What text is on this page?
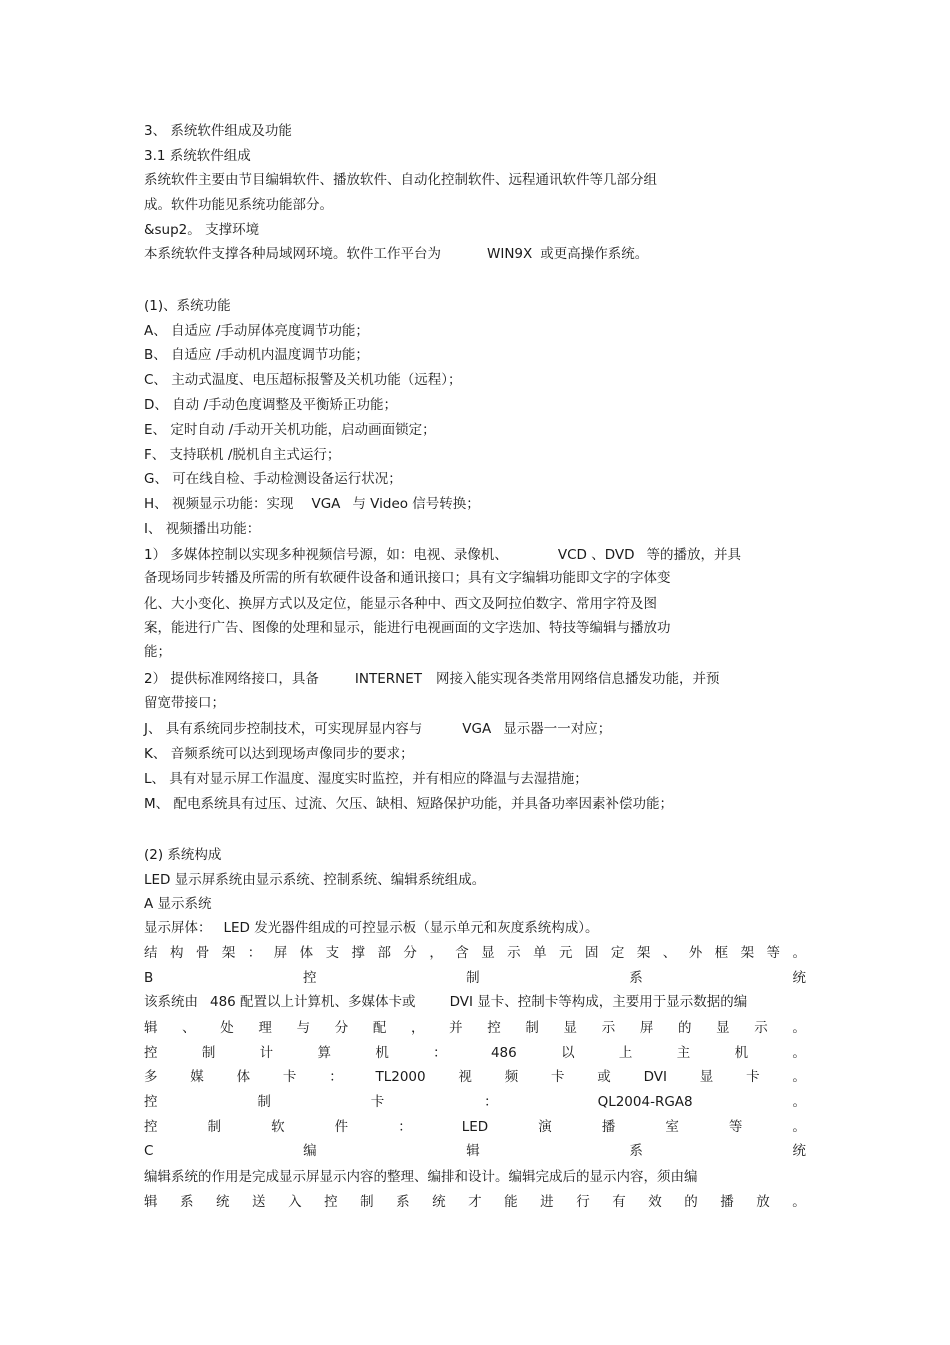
3、 系统软件组成及功能
3.1 系统软件组成
系统软件主要由节目编辑软件、播放软件、自动化控制软件、远程通讯软件等几部分组
成。软件功能见系统功能部分。
&sup2。 支撑环境
本系统软件支撑各种局域网环境。软件工作平台为	WIN9X 或更高操作系统。
(1)、系统功能
A、 自适应 /手动屏体亮度调节功能；
B、 自适应 /手动机内温度调节功能；
C、 主动式温度、电压超标报警及关机功能（远程）；
D、 自动 /手动色度调整及平衡矫正功能；
E、 定时自动 /手动开关机功能，启动画面锁定；
F、 支持联机 /脱机自主式运行；
G、 可在线自检、手动检测设备运行状况；
H、 视频显示功能：实现 VGA 与 Video 信号转换；
I、 视频播出功能：
1） 多媒体控制以实现多种视频信号源，如：电视、录像机、	VCD 、DVD 等的播放，并具
备现场同步转播及所需的所有软硬件设备和通讯接口；具有文字编辑功能即文字的字体变
化、大小变化、换屏方式以及定位，能显示各种中、西文及阿拉伯数字、常用字符及图
案，能进行广告、图像的处理和显示，能进行电视画面的文字迭加、特技等编辑与播放功
能；
2） 提供标准网络接口，具备	INTERNET 网接入能实现各类常用网络信息播发功能，并预
留宽带接口；
J、 具有系统同步控制技术，可实现屏显内容与	VGA 显示器一一对应；
K、 音频系统可以达到现场声像同步的要求；
L、 具有对显示屏工作温度、湿度实时监控，并有相应的降温与去湿措施；
M、 配电系统具有过压、过流、欠压、缺相、短路保护功能，并具备功率因素补偿功能；
(2) 系统构成
LED 显示屏系统由显示系统、控制系统、编辑系统组成。
A 显示系统
显示屏体： LED 发光器件组成的可控显示板（显示单元和灰度系统构成）。
结 构 骨 架 ： 屏 体 支 撑 部 分 ， 含 显 示 单 元 固 定 架 、 外 框 架 等 。
B	控	制	系	统
该系统由 486 配置以上计算机、多媒体卡或	DVI 显卡、控制卡等构成，主要用于显示数据的编
辑 、 处 理 与 分 配 ， 并 控 制 显 示 屏 的 显 示 。
控	制	计	算	机	：	486	以	上	主	机	。
多 媒 体 卡 ： TL2000 视 频 卡 或 DVI 显 卡 。
控	制	卡	：	QL2004-RGA8	。
控	制	软	件	：	LED	演	播	室	等	。
C	编	辑	系	统
编辑系统的作用是完成显示屏显示内容的整理、编排和设计。编辑完成后的显示内容，须由编
辑 系 统 送 入 控 制 系 统 才 能 进 行 有 效 的 播 放 。
